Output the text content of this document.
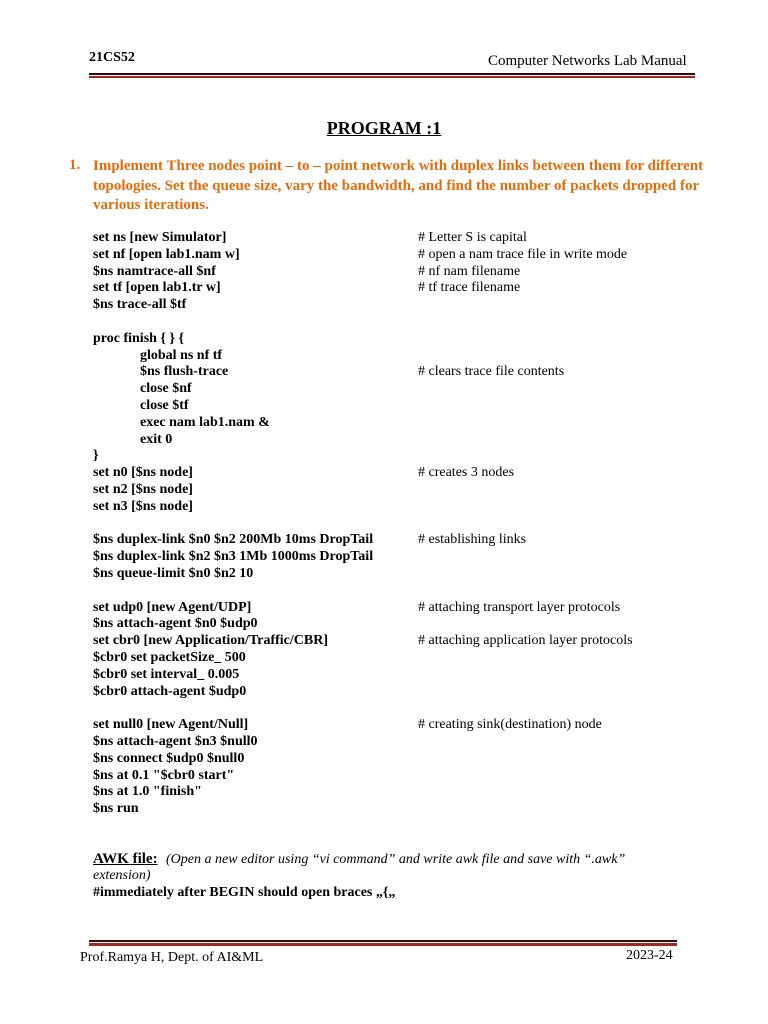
21CS52	Computer Networks Lab Manual
PROGRAM :1
1. Implement Three nodes point – to – point network with duplex links between them for different topologies. Set the queue size, vary the bandwidth, and find the number of packets dropped for various iterations.
set ns [new Simulator]	# Letter S is capital
set nf [open lab1.nam w]	# open a nam trace file in write mode
$ns namtrace-all $nf	# nf nam filename
set tf [open lab1.tr w]	# tf trace filename
$ns trace-all $tf
proc finish { } {
global ns nf tf
$ns flush-trace	# clears trace file contents
close $nf
close $tf
exec nam lab1.nam &
exit 0
}
set n0 [$ns node]	# creates 3 nodes
set n2 [$ns node]
set n3 [$ns node]
$ns duplex-link $n0 $n2 200Mb 10ms DropTail	# establishing links
$ns duplex-link $n2 $n3 1Mb 1000ms DropTail
$ns queue-limit $n0 $n2 10
set udp0 [new Agent/UDP]	# attaching transport layer protocols
$ns attach-agent $n0 $udp0
set cbr0 [new Application/Traffic/CBR]	# attaching application layer protocols
$cbr0 set packetSize_ 500
$cbr0 set interval_ 0.005
$cbr0 attach-agent $udp0
set null0 [new Agent/Null]	# creating sink(destination) node
$ns attach-agent $n3 $null0
$ns connect $udp0 $null0
$ns at 0.1 "$cbr0 start"
$ns at 1.0 "finish"
$ns run
AWK file: (Open a new editor using “vi command” and write awk file and save with “.awk”
extension)
#immediately after BEGIN should open braces „{„
Prof.Ramya H, Dept. of AI&ML	2023-24
